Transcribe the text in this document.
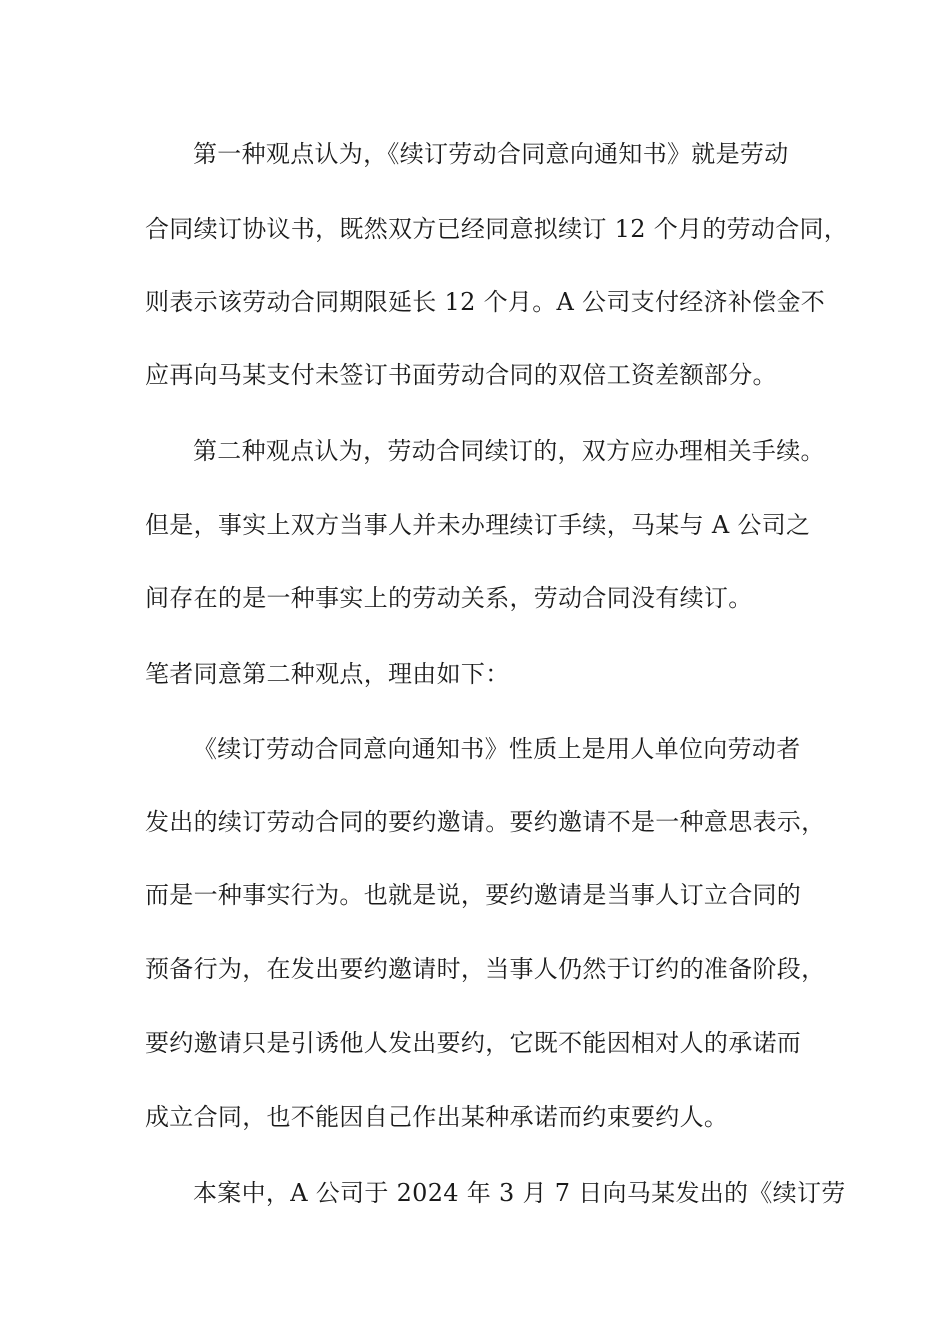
第一种观点认为，《续订劳动合同意向通知书》就是劳动
合同续订协议书，既然双方已经同意拟续订 12 个月的劳动合同，
则表示该劳动合同期限延长 12 个月。A 公司支付经济补偿金不
应再向马某支付未签订书面劳动合同的双倍工资差额部分。
第二种观点认为，劳动合同续订的，双方应办理相关手续。
但是，事实上双方当事人并未办理续订手续，马某与 A 公司之
间存在的是一种事实上的劳动关系，劳动合同没有续订。
笔者同意第二种观点，理由如下：
《续订劳动合同意向通知书》性质上是用人单位向劳动者
发出的续订劳动合同的要约邀请。要约邀请不是一种意思表示，
而是一种事实行为。也就是说，要约邀请是当事人订立合同的
预备行为，在发出要约邀请时，当事人仍然于订约的准备阶段，
要约邀请只是引诱他人发出要约，它既不能因相对人的承诺而
成立合同，也不能因自己作出某种承诺而约束要约人。
本案中，A 公司于 2024 年 3 月 7 日向马某发出的《续订劳
